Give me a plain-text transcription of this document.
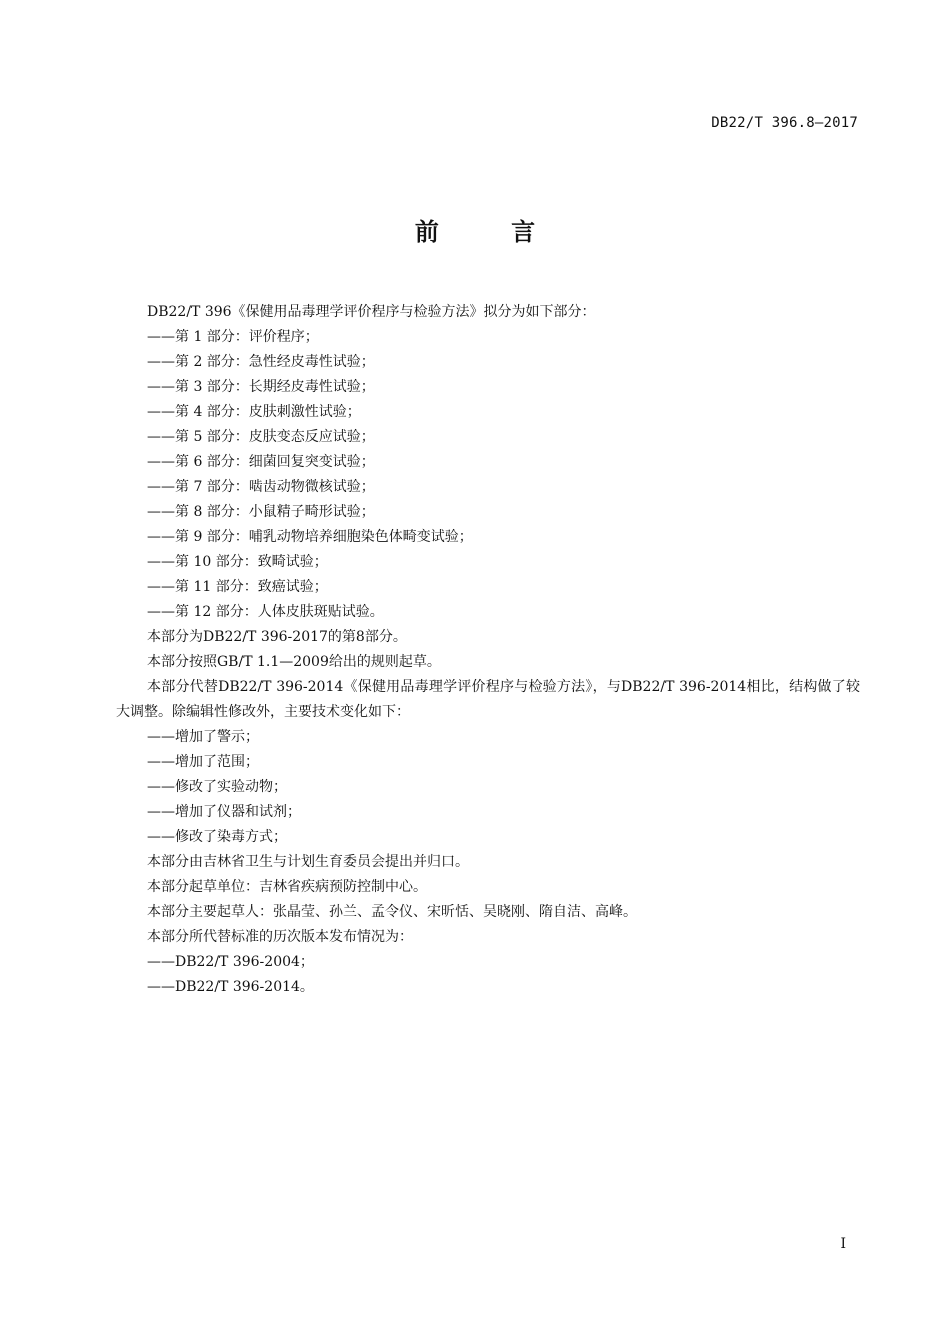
DB22/T 396.8—2017
前 言

DB22/T 396《保健用品毒理学评价程序与检验方法》拟分为如下部分：

——第 1 部分：评价程序；

——第 2 部分：急性经皮毒性试验；

——第 3 部分：长期经皮毒性试验；

——第 4 部分：皮肤刺激性试验；

——第 5 部分：皮肤变态反应试验；

——第 6 部分：细菌回复突变试验；

——第 7 部分：啮齿动物微核试验；

——第 8 部分：小鼠精子畸形试验；

——第 9 部分：哺乳动物培养细胞染色体畸变试验；

——第 10 部分：致畸试验；

——第 11 部分：致癌试验；

——第 12 部分：人体皮肤斑贴试验。

本部分为DB22/T 396-2017的第8部分。

本部分按照GB/T 1.1—2009给出的规则起草。

本部分代替DB22/T 396-2014《保健用品毒理学评价程序与检验方法》，与DB22/T 396-2014相比，结构做了较大调整。除编辑性修改外，主要技术变化如下：

——增加了警示；

——增加了范围；

——修改了实验动物；

——增加了仪器和试剂；

——修改了染毒方式；

本部分由吉林省卫生与计划生育委员会提出并归口。

本部分起草单位：吉林省疾病预防控制中心。

本部分主要起草人：张晶莹、孙兰、孟令仪、宋昕恬、吴晓刚、隋自洁、高峰。

本部分所代替标准的历次版本发布情况为：

——DB22/T 396-2004；

——DB22/T 396-2014。

I
